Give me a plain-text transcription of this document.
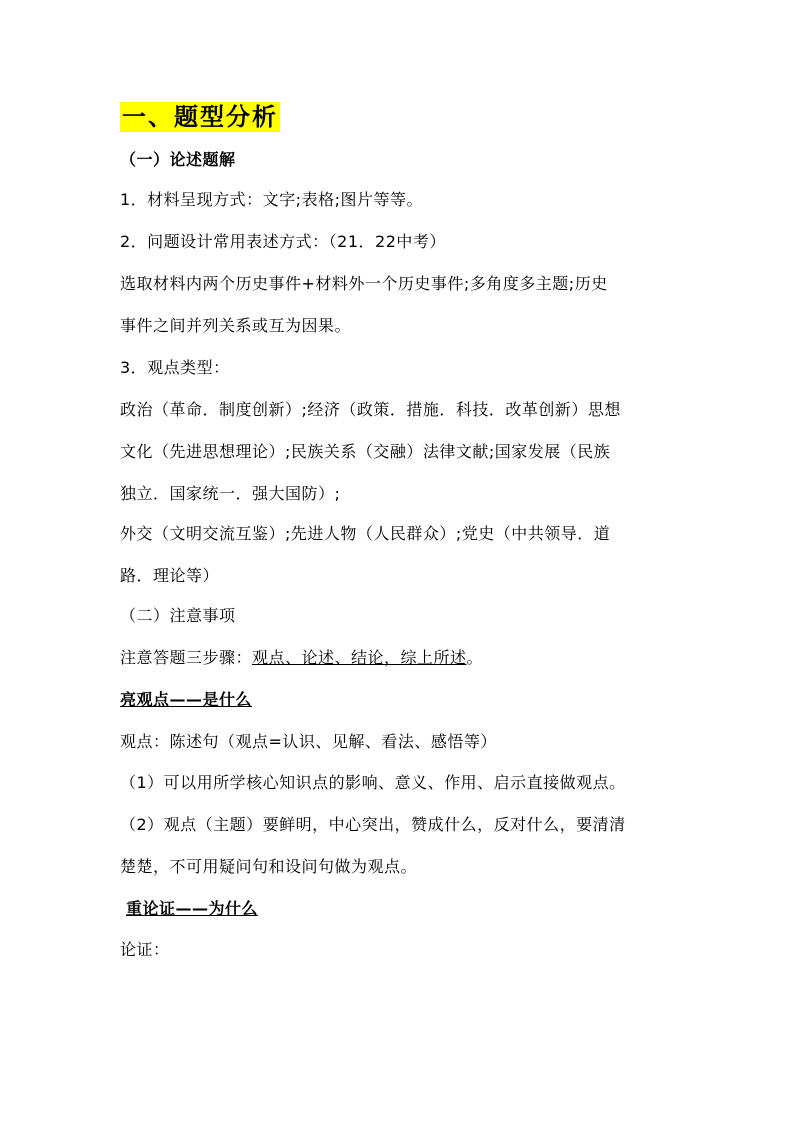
一、题型分析
（一）论述题解
1．材料呈现方式：文字;表格;图片等等。
2．问题设计常用表述方式：（21．22中考）
选取材料内两个历史事件+材料外一个历史事件;多角度多主题;历史
事件之间并列关系或互为因果。
3．观点类型：
政治（革命．制度创新）;经济（政策．措施．科技．改革创新）思想
文化（先进思想理论）;民族关系（交融）法律文献;国家发展（民族
独立．国家统一．强大国防）;
外交（文明交流互鉴）;先进人物（人民群众）;党史（中共领导．道
路．理论等）
（二）注意事项
注意答题三步骤：观点、论述、结论，综上所述。
亮观点——是什么
观点：陈述句（观点=认识、见解、看法、感悟等）
（1）可以用所学核心知识点的影响、意义、作用、启示直接做观点。
（2）观点（主题）要鲜明，中心突出，赞成什么，反对什么，要清清
楚楚，不可用疑问句和设问句做为观点。
重论证——为什么
论证：
